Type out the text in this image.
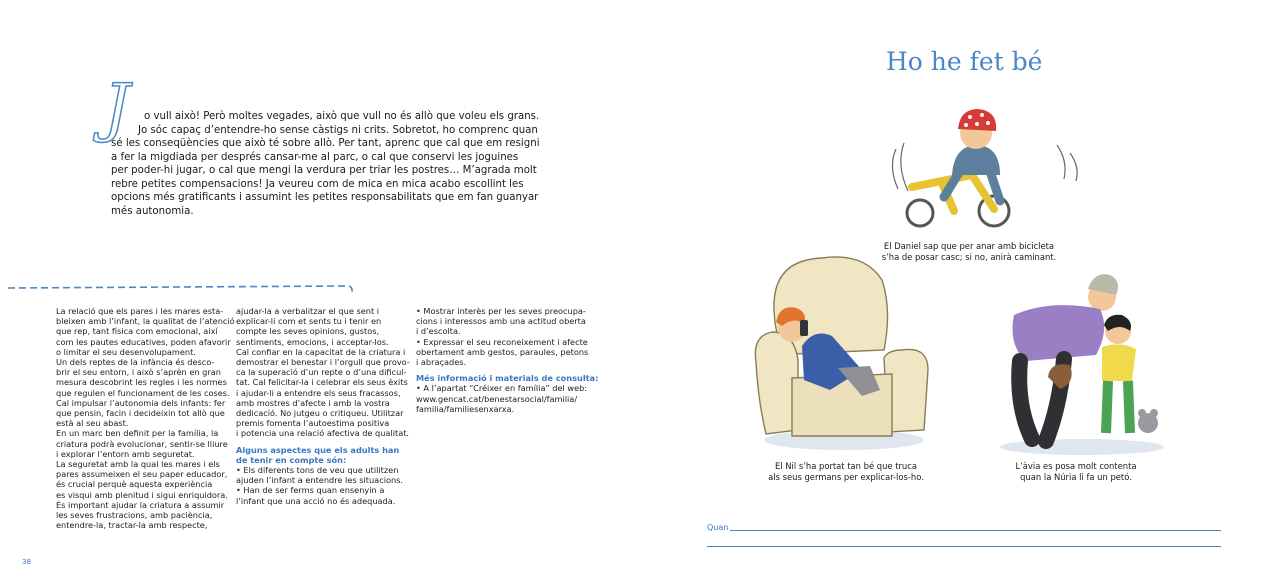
J o vull això! Però moltes vegades, això que vull no és allò que voleu els grans.
Jo sóc capaç d’entendre-ho sense càstigs ni crits. Sobretot, ho comprenc quan
sé les conseqüències que això té sobre allò. Per tant, aprenc que cal que em resigni
a fer la migdiada per després cansar-me al parc, o cal que conservi les joguines
per poder-hi jugar, o cal que mengi la verdura per triar les postres… M’agrada molt
rebre petites compensacions! Ja veureu com de mica en mica acabo escollint les
opcions més gratificants i assumint les petites responsabilitats que em fan guanyar
més autonomia.

La relació que els pares i les mares esta-

bleixen amb l’infant, la qualitat de l’atenció

que rep, tant física com emocional, així

com les pautes educatives, poden afavorir

o limitar el seu desenvolupament.

Un dels reptes de la infància és desco-

brir el seu entorn, i això s’aprèn en gran

mesura descobrint les regles i les normes

que regulen el funcionament de les coses.

Cal impulsar l’autonomia dels infants: fer

que pensin, facin i decideixin tot allò que

està al seu abast.

En un marc ben definit per la família, la

criatura podrà evolucionar, sentir-se lliure

i explorar l’entorn amb seguretat.

La seguretat amb la qual les mares i els

pares assumeixen el seu paper educador,

és crucial perquè aquesta experiència

es visqui amb plenitud i sigui enriquidora.

És important ajudar la criatura a assumir

les seves frustracions, amb paciència,

entendre-la, tractar-la amb respecte,

ajudar-la a verbalitzar el que sent i

explicar-li com et sents tu i tenir en

compte les seves opinions, gustos,

sentiments, emocions, i acceptar-los.

Cal confiar en la capacitat de la criatura i

demostrar el benestar i l’orgull que provo-

ca la superació d’un repte o d’una dificul-

tat. Cal felicitar-la i celebrar els seus èxits

i ajudar-li a entendre els seus fracassos,

amb mostres d’afecte i amb la vostra

dedicació. No jutgeu o critiqueu. Utilitzar

premis fomenta l’autoestima positiva

i potencia una relació afectiva de qualitat.

Alguns aspectes que els adults han

de tenir en compte són:

• Els diferents tons de veu que utilitzen

ajuden l’infant a entendre les situacions.

• Han de ser ferms quan ensenyin a

l’infant que una acció no és adequada.

• Mostrar interès per les seves preocupa-

cions i interessos amb una actitud oberta

i d’escolta.

• Expressar el seu reconeixement i afecte

obertament amb gestos, paraules, petons

i abraçades.

Més informació i materials de consulta:

• A l’apartat “Créixer en família” del web:

www.gencat.cat/benestarsocial/familia/

familia/familiesenxarxa.

38
Ho he fet bé
El Daniel sap que per anar amb bicicleta
s’ha de posar casc; si no, anirà caminant.
El Nil s’ha portat tan bé que truca
als seus germans per explicar-los-ho.
L’àvia es posa molt contenta
quan la Núria li fa un petó.
Quan
